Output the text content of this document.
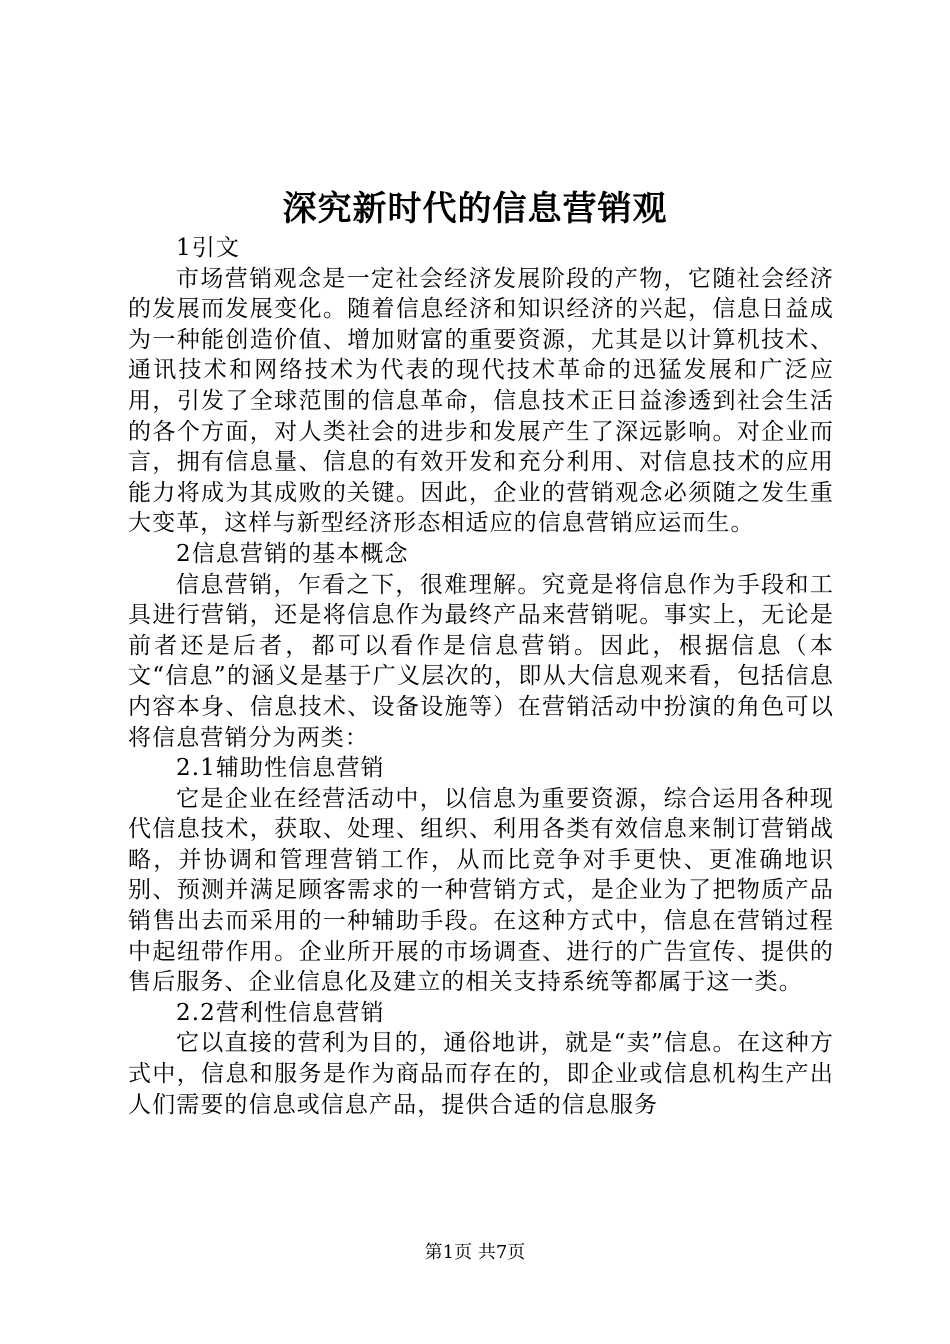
深究新时代的信息营销观

1引文

市场营销观念是一定社会经济发展阶段的产物，它随社会经济的发展而发展变化。随着信息经济和知识经济的兴起，信息日益成为一种能创造价值、增加财富的重要资源，尤其是以计算机技术、通讯技术和网络技术为代表的现代技术革命的迅猛发展和广泛应用，引发了全球范围的信息革命，信息技术正日益渗透到社会生活的各个方面，对人类社会的进步和发展产生了深远影响。对企业而言，拥有信息量、信息的有效开发和充分利用、对信息技术的应用能力将成为其成败的关键。因此，企业的营销观念必须随之发生重大变革，这样与新型经济形态相适应的信息营销应运而生。

2信息营销的基本概念

信息营销，乍看之下，很难理解。究竟是将信息作为手段和工具进行营销，还是将信息作为最终产品来营销呢。事实上，无论是前者还是后者，都可以看作是信息营销。因此，根据信息（本文“信息”的涵义是基于广义层次的，即从大信息观来看，包括信息内容本身、信息技术、设备设施等）在营销活动中扮演的角色可以将信息营销分为两类：

2.1辅助性信息营销

它是企业在经营活动中，以信息为重要资源，综合运用各种现代信息技术，获取、处理、组织、利用各类有效信息来制订营销战略，并协调和管理营销工作，从而比竞争对手更快、更准确地识别、预测并满足顾客需求的一种营销方式，是企业为了把物质产品销售出去而采用的一种辅助手段。在这种方式中，信息在营销过程中起纽带作用。企业所开展的市场调查、进行的广告宣传、提供的售后服务、企业信息化及建立的相关支持系统等都属于这一类。

2.2营利性信息营销

它以直接的营利为目的，通俗地讲，就是“卖”信息。在这种方式中，信息和服务是作为商品而存在的，即企业或信息机构生产出人们需要的信息或信息产品，提供合适的信息服务

第1页 共7页
